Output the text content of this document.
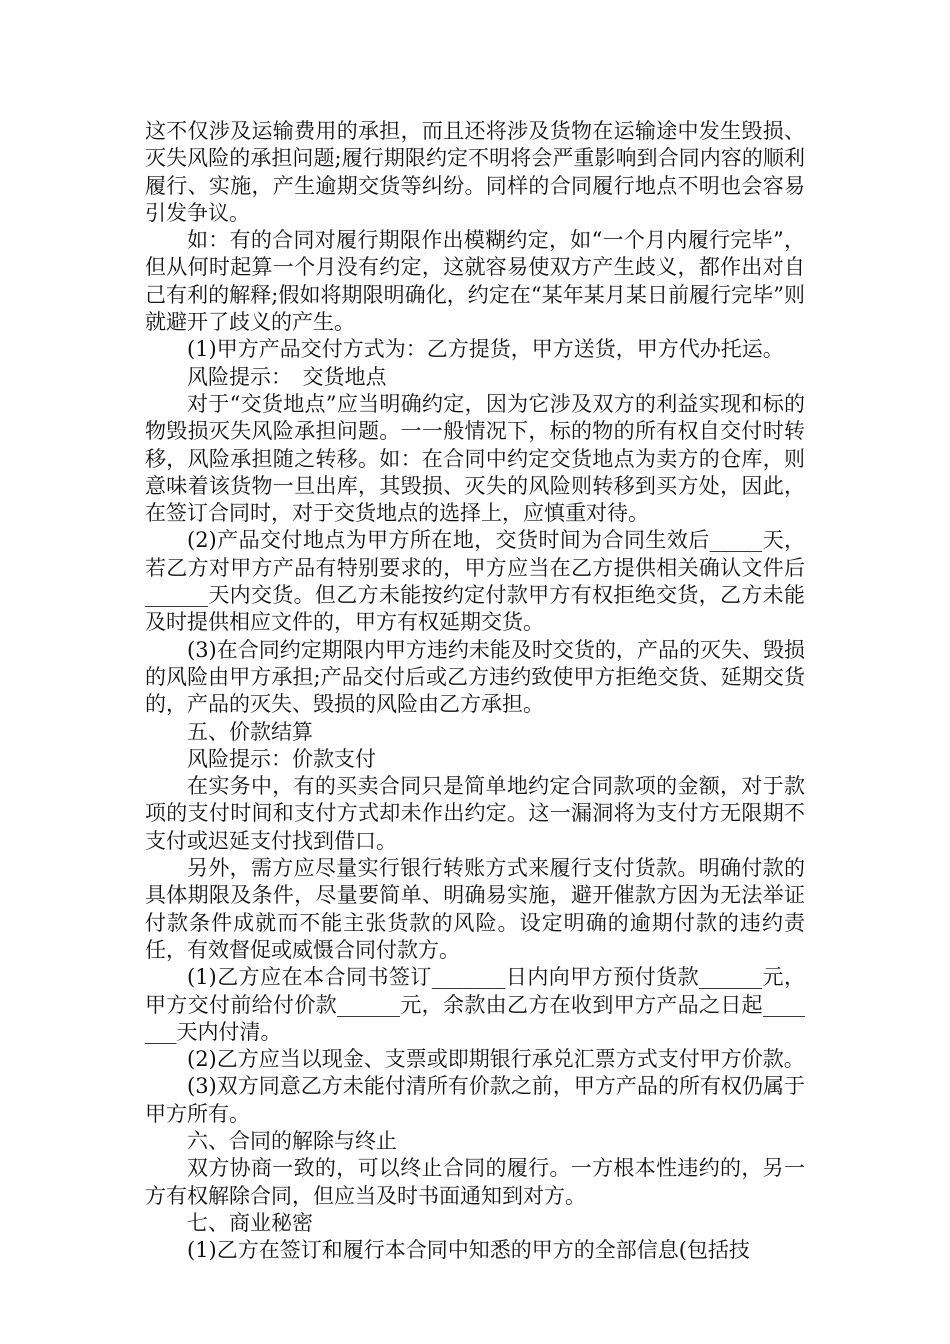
这不仅涉及运输费用的承担，而且还将涉及货物在运输途中发生毁损、灭失风险的承担问题;履行期限约定不明将会严重影响到合同内容的顺利履行、实施，产生逾期交货等纠纷。同样的合同履行地点不明也会容易引发争议。

如：有的合同对履行期限作出模糊约定，如“一个月内履行完毕”，但从何时起算一个月没有约定，这就容易使双方产生歧义，都作出对自己有利的解释;假如将期限明确化，约定在“某年某月某日前履行完毕”则就避开了歧义的产生。

(1)甲方产品交付方式为：乙方提货，甲方送货，甲方代办托运。

风险提示：　交货地点

对于“交货地点”应当明确约定，因为它涉及双方的利益实现和标的物毁损灭失风险承担问题。一一般情况下，标的物的所有权自交付时转移，风险承担随之转移。如：在合同中约定交货地点为卖方的仓库，则意味着该货物一旦出库，其毁损、灭失的风险则转移到买方处，因此，在签订合同时，对于交货地点的选择上，应慎重对待。

(2)产品交付地点为甲方所在地，交货时间为合同生效后_____天，若乙方对甲方产品有特别要求的，甲方应当在乙方提供相关确认文件后______天内交货。但乙方未能按约定付款甲方有权拒绝交货，乙方未能及时提供相应文件的，甲方有权延期交货。

(3)在合同约定期限内甲方违约未能及时交货的，产品的灭失、毁损的风险由甲方承担;产品交付后或乙方违约致使甲方拒绝交货、延期交货的，产品的灭失、毁损的风险由乙方承担。

五、价款结算

风险提示：价款支付

在实务中，有的买卖合同只是简单地约定合同款项的金额，对于款项的支付时间和支付方式却未作出约定。这一漏洞将为支付方无限期不支付或迟延支付找到借口。

另外，需方应尽量实行银行转账方式来履行支付货款。明确付款的具体期限及条件，尽量要简单、明确易实施，避开催款方因为无法举证付款条件成就而不能主张货款的风险。设定明确的逾期付款的违约责任，有效督促或威慑合同付款方。

(1)乙方应在本合同书签订_______日内向甲方预付货款______元，甲方交付前给付价款______元，余款由乙方在收到甲方产品之日起_______天内付清。

(2)乙方应当以现金、支票或即期银行承兑汇票方式支付甲方价款。

(3)双方同意乙方未能付清所有价款之前，甲方产品的所有权仍属于甲方所有。

六、合同的解除与终止

双方协商一致的，可以终止合同的履行。一方根本性违约的，另一方有权解除合同，但应当及时书面通知到对方。

七、商业秘密

(1)乙方在签订和履行本合同中知悉的甲方的全部信息(包括技
